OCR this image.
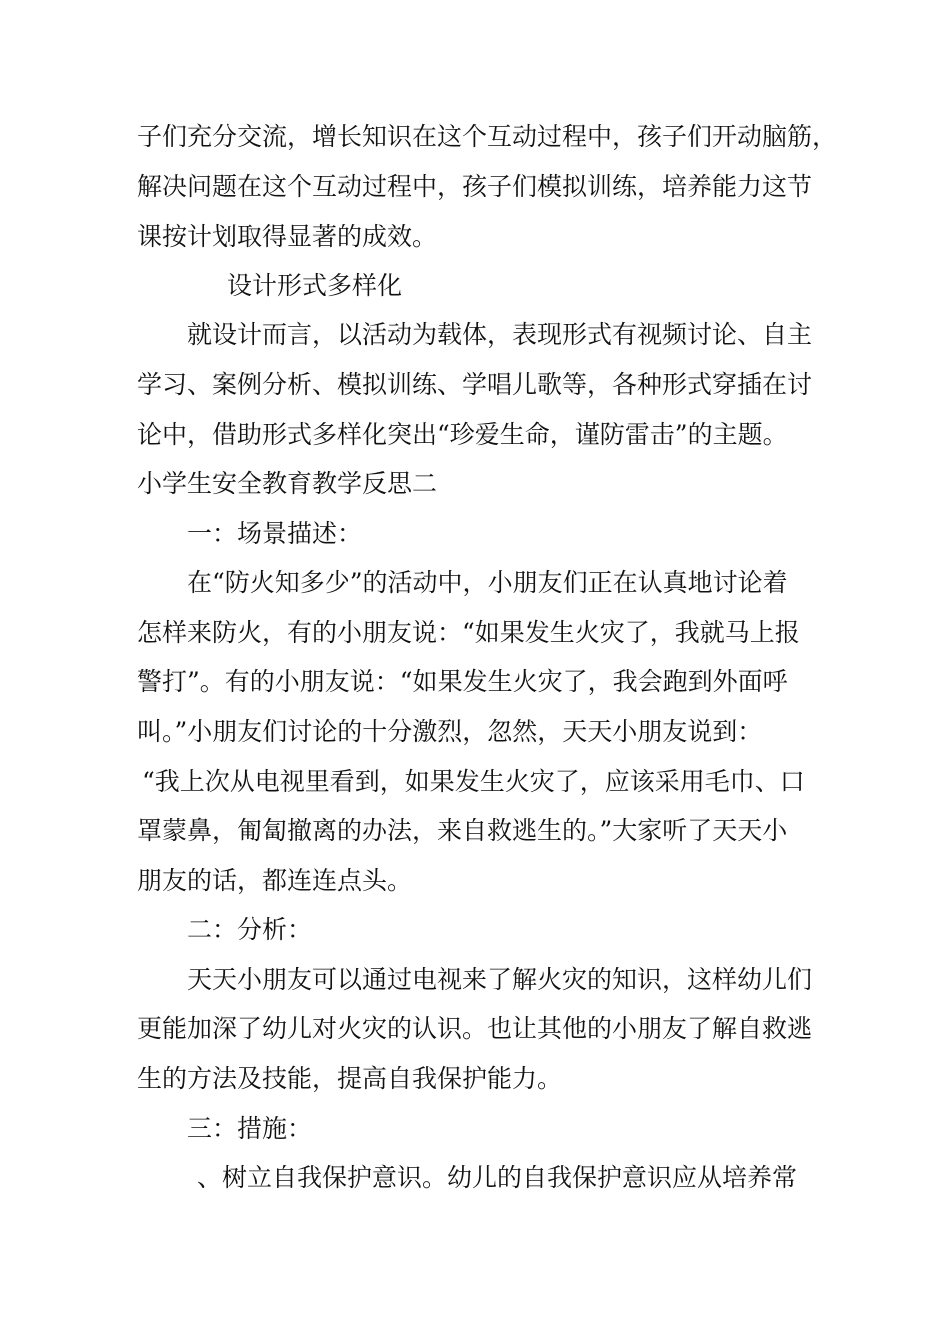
子们充分交流，增长知识在这个互动过程中，孩子们开动脑筋，
解决问题在这个互动过程中，孩子们模拟训练，培养能力这节
课按计划取得显著的成效。
设计形式多样化
就设计而言，以活动为载体，表现形式有视频讨论、自主
学习、案例分析、模拟训练、学唱儿歌等，各种形式穿插在讨
论中，借助形式多样化突出“珍爱生命，谨防雷击”的主题。
小学生安全教育教学反思二
一：场景描述：
在“防火知多少”的活动中，小朋友们正在认真地讨论着
怎样来防火，有的小朋友说：“如果发生火灾了，我就马上报
警打”。有的小朋友说：“如果发生火灾了，我会跑到外面呼
叫。”小朋友们讨论的十分激烈，忽然，天天小朋友说到：
“我上次从电视里看到，如果发生火灾了，应该采用毛巾、口
罩蒙鼻，匍匐撤离的办法，来自救逃生的。”大家听了天天小
朋友的话，都连连点头。
二：分析：
天天小朋友可以通过电视来了解火灾的知识，这样幼儿们
更能加深了幼儿对火灾的认识。也让其他的小朋友了解自救逃
生的方法及技能，提高自我保护能力。
三：措施：
、树立自我保护意识。幼儿的自我保护意识应从培养常
